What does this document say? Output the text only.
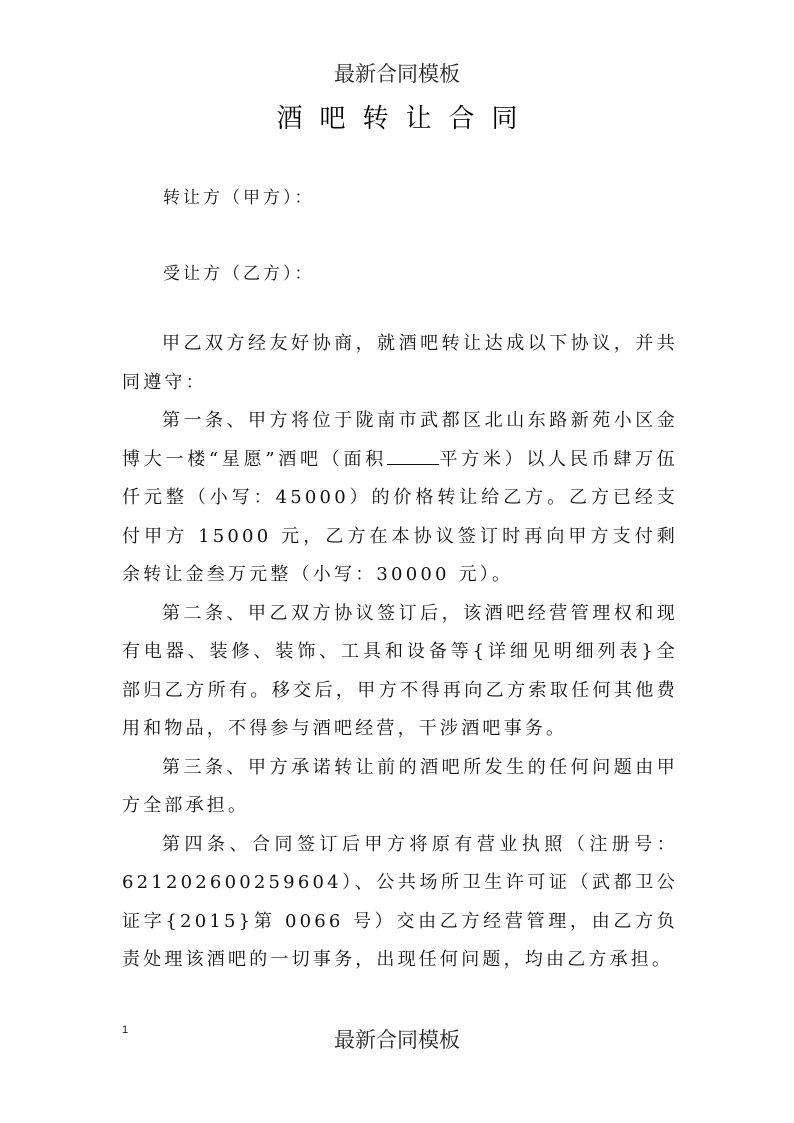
最新合同模板
酒吧转让合同
转让方（甲方）：
受让方（乙方）：

甲乙双方经友好协商，就酒吧转让达成以下协议，并共同遵守：

第一条、甲方将位于陇南市武都区北山东路新苑小区金博大一楼“星愿”酒吧（面积	平方米）以人民币肆万伍仟元整（小写：45000）的价格转让给乙方。乙方已经支付甲方 15000 元，乙方在本协议签订时再向甲方支付剩余转让金叁万元整（小写：30000 元）。

第二条、甲乙双方协议签订后，该酒吧经营管理权和现有电器、装修、装饰、工具和设备等{详细见明细列表}全部归乙方所有。移交后，甲方不得再向乙方索取任何其他费用和物品，不得参与酒吧经营，干涉酒吧事务。

第三条、甲方承诺转让前的酒吧所发生的任何问题由甲方全部承担。

第四条、合同签订后甲方将原有营业执照（注册号：621202600259604）、公共场所卫生许可证（武都卫公证字{2015}第 0066 号）交由乙方经营管理，由乙方负责处理该酒吧的一切事务，出现任何问题，均由乙方承担。

1	最新合同模板
